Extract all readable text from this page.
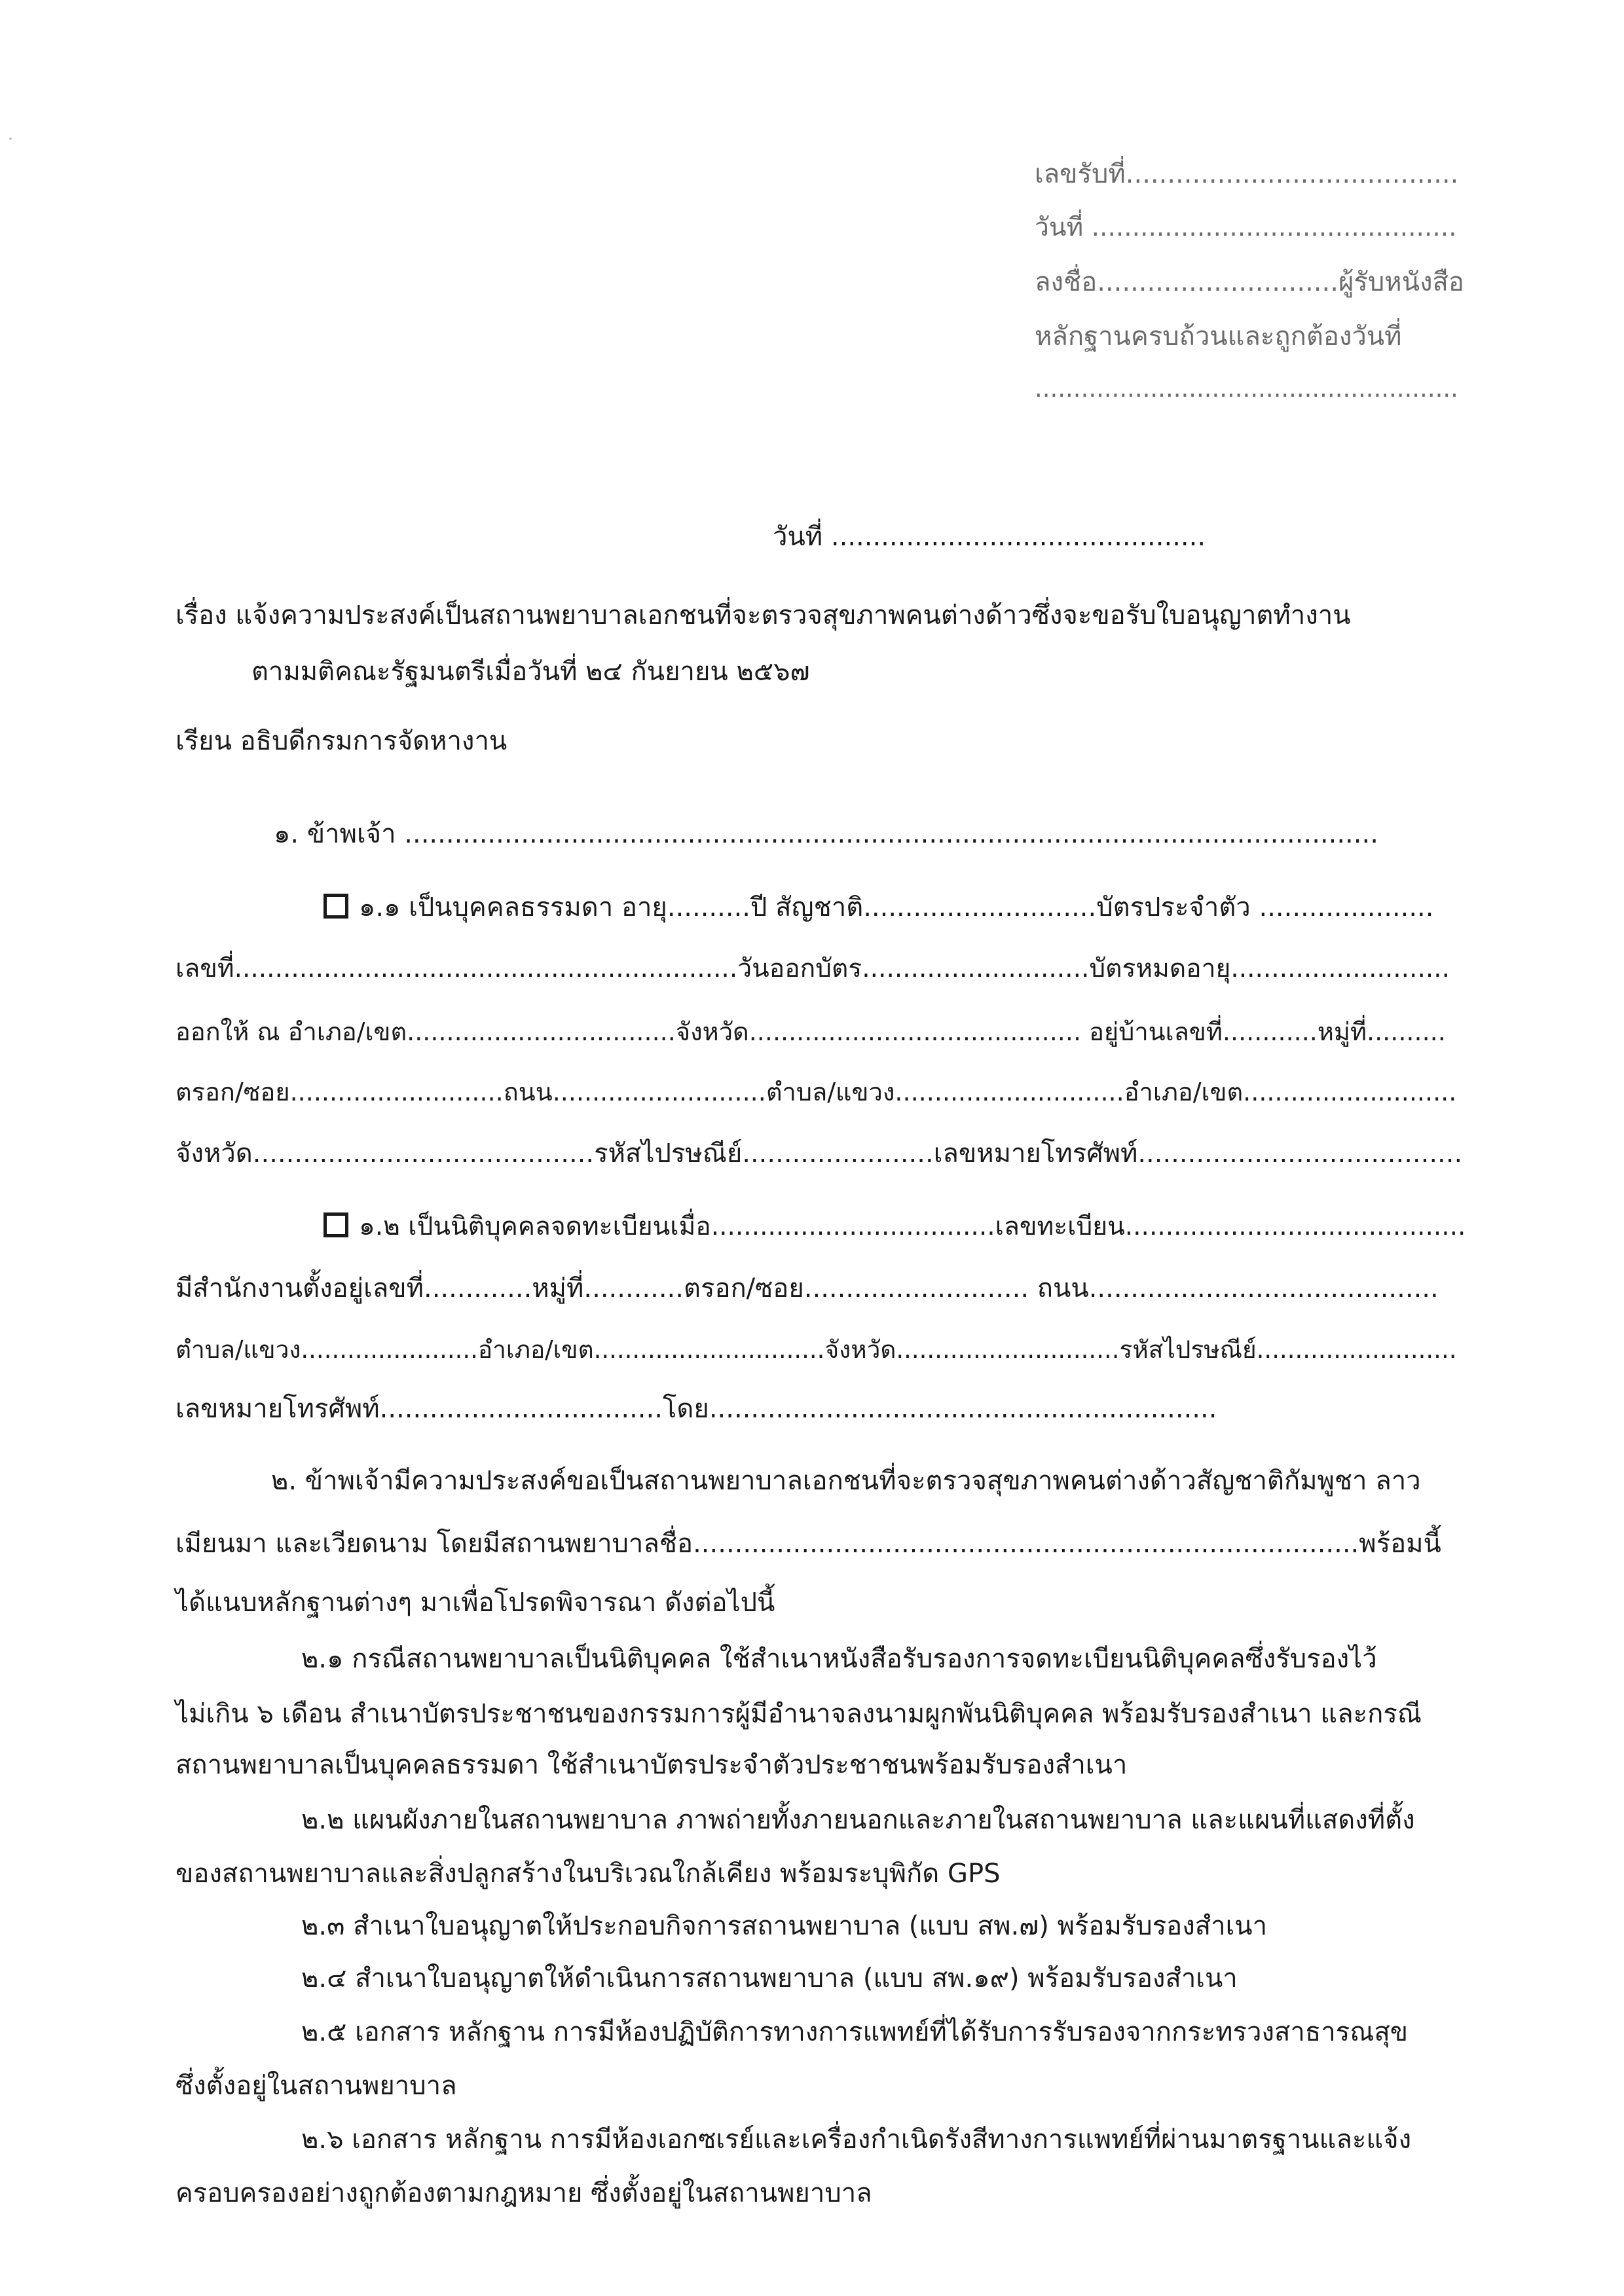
เลขรับที่........................................
วันที่ .............................................
ลงชื่อ.............................ผู้รับหนังสือ
หลักฐานครบถ้วนและถูกต้องวันที่
.......................................................
วันที่ .............................................
เรื่อง แจ้งความประสงค์เป็นสถานพยาบาลเอกชนที่จะตรวจสุขภาพคนต่างด้าวซึ่งจะขอรับใบอนุญาตทำงาน
ตามมติคณะรัฐมนตรีเมื่อวันที่ ๒๔ กันยายน ๒๕๖๗
เรียน อธิบดีกรมการจัดหางาน
๑. ข้าพเจ้า .....................................................................................................................
๑.๑ เป็นบุคคลธรรมดา อายุ..........ปี สัญชาติ............................บัตรประจำตัว .....................
เลขที่..............................................................วันออกบัตร............................บัตรหมดอายุ...........................
ออกให้ ณ อำเภอ/เขต..................................จังหวัด.......................................... อยู่บ้านเลขที่............หมู่ที่..........
ตรอก/ซอย...........................ถนน...........................ตำบล/แขวง.............................อำเภอ/เขต...........................
จังหวัด.........................................รหัสไปรษณีย์.......................เลขหมายโทรศัพท์.......................................
๑.๒ เป็นนิติบุคคลจดทะเบียนเมื่อ...................................เลขทะเบียน..........................................
มีสำนักงานตั้งอยู่เลขที่.............หมู่ที่............ตรอก/ซอย........................... ถนน..........................................
ตำบล/แขวง.......................อำเภอ/เขต..............................จังหวัด.............................รหัสไปรษณีย์..........................
เลขหมายโทรศัพท์..................................โดย.............................................................
๒. ข้าพเจ้ามีความประสงค์ขอเป็นสถานพยาบาลเอกชนที่จะตรวจสุขภาพคนต่างด้าวสัญชาติกัมพูชา ลาว
เมียนมา และเวียดนาม โดยมีสถานพยาบาลชื่อ................................................................................พร้อมนี้
ได้แนบหลักฐานต่างๆ มาเพื่อโปรดพิจารณา ดังต่อไปนี้
๒.๑ กรณีสถานพยาบาลเป็นนิติบุคคล ใช้สำเนาหนังสือรับรองการจดทะเบียนนิติบุคคลซึ่งรับรองไว้
ไม่เกิน ๖ เดือน สำเนาบัตรประชาชนของกรรมการผู้มีอำนาจลงนามผูกพันนิติบุคคล พร้อมรับรองสำเนา และกรณี
สถานพยาบาลเป็นบุคคลธรรมดา ใช้สำเนาบัตรประจำตัวประชาชนพร้อมรับรองสำเนา
๒.๒ แผนผังภายในสถานพยาบาล ภาพถ่ายทั้งภายนอกและภายในสถานพยาบาล และแผนที่แสดงที่ตั้ง
ของสถานพยาบาลและสิ่งปลูกสร้างในบริเวณใกล้เคียง พร้อมระบุพิกัด GPS
๒.๓ สำเนาใบอนุญาตให้ประกอบกิจการสถานพยาบาล (แบบ สพ.๗) พร้อมรับรองสำเนา
๒.๔ สำเนาใบอนุญาตให้ดำเนินการสถานพยาบาล (แบบ สพ.๑๙) พร้อมรับรองสำเนา
๒.๕ เอกสาร หลักฐาน การมีห้องปฏิบัติการทางการแพทย์ที่ได้รับการรับรองจากกระทรวงสาธารณสุข
ซึ่งตั้งอยู่ในสถานพยาบาล
๒.๖ เอกสาร หลักฐาน การมีห้องเอกซเรย์และเครื่องกำเนิดรังสีทางการแพทย์ที่ผ่านมาตรฐานและแจ้ง
ครอบครองอย่างถูกต้องตามกฎหมาย ซึ่งตั้งอยู่ในสถานพยาบาล
